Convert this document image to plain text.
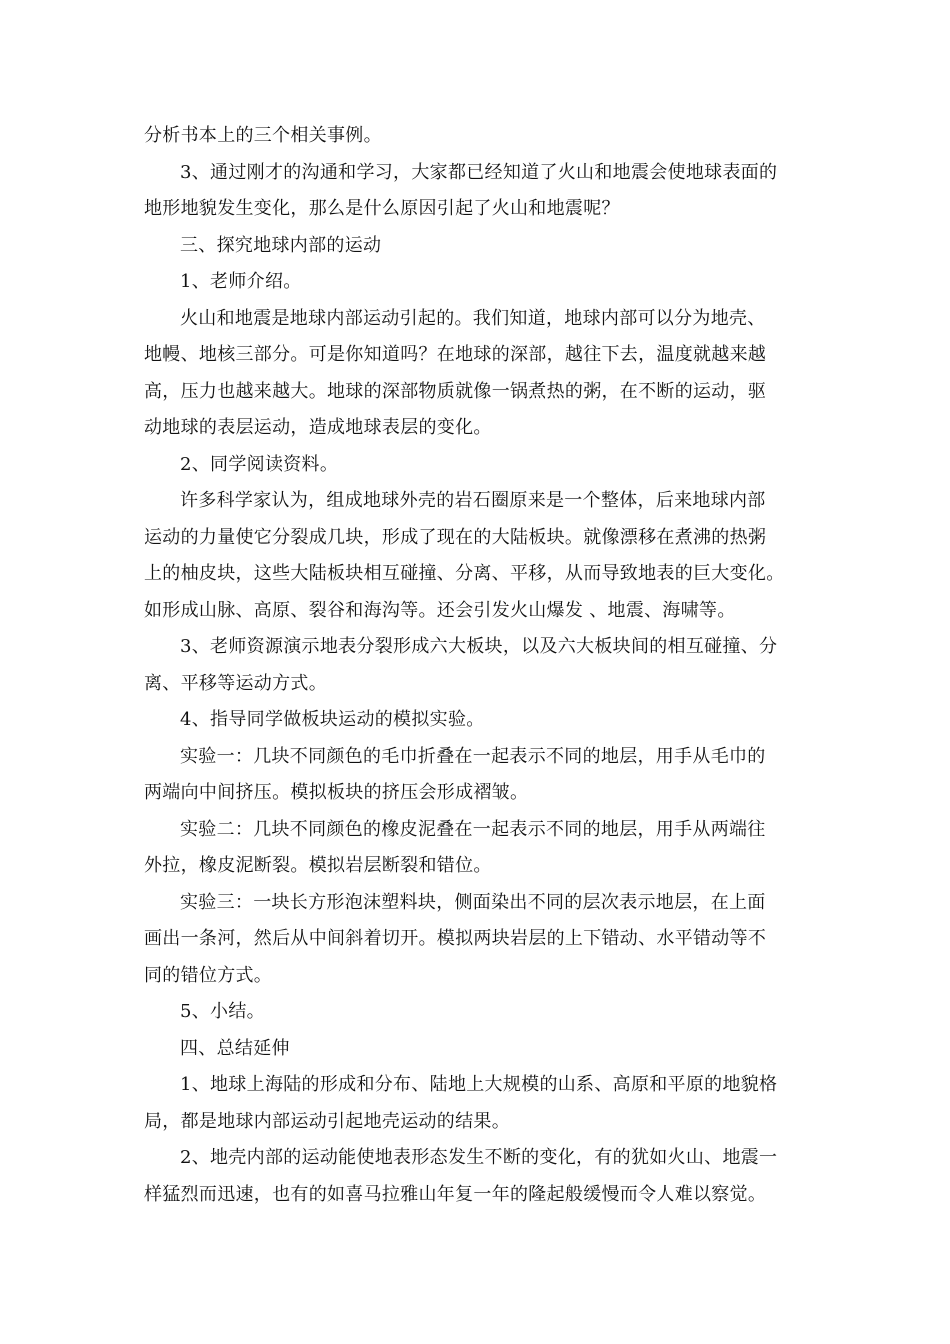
分析书本上的三个相关事例。
3、通过刚才的沟通和学习，大家都已经知道了火山和地震会使地球表面的
地形地貌发生变化，那么是什么原因引起了火山和地震呢？
三、探究地球内部的运动
1、老师介绍。
火山和地震是地球内部运动引起的。我们知道，地球内部可以分为地壳、
地幔、地核三部分。可是你知道吗？在地球的深部，越往下去，温度就越来越
高，压力也越来越大。地球的深部物质就像一锅煮热的粥，在不断的运动，驱
动地球的表层运动，造成地球表层的变化。
2、同学阅读资料。
许多科学家认为，组成地球外壳的岩石圈原来是一个整体，后来地球内部
运动的力量使它分裂成几块，形成了现在的大陆板块。就像漂移在煮沸的热粥
上的柚皮块，这些大陆板块相互碰撞、分离、平移，从而导致地表的巨大变化。
如形成山脉、高原、裂谷和海沟等。还会引发火山爆发 、地震、海啸等。
3、老师资源演示地表分裂形成六大板块，以及六大板块间的相互碰撞、分
离、平移等运动方式。
4、指导同学做板块运动的模拟实验。
实验一：几块不同颜色的毛巾折叠在一起表示不同的地层，用手从毛巾的
两端向中间挤压。模拟板块的挤压会形成褶皱。
实验二：几块不同颜色的橡皮泥叠在一起表示不同的地层，用手从两端往
外拉，橡皮泥断裂。模拟岩层断裂和错位。
实验三：一块长方形泡沫塑料块，侧面染出不同的层次表示地层，在上面
画出一条河，然后从中间斜着切开。模拟两块岩层的上下错动、水平错动等不
同的错位方式。
5、小结。
四、总结延伸
1、地球上海陆的形成和分布、陆地上大规模的山系、高原和平原的地貌格
局，都是地球内部运动引起地壳运动的结果。
2、地壳内部的运动能使地表形态发生不断的变化，有的犹如火山、地震一
样猛烈而迅速，也有的如喜马拉雅山年复一年的隆起般缓慢而令人难以察觉。
